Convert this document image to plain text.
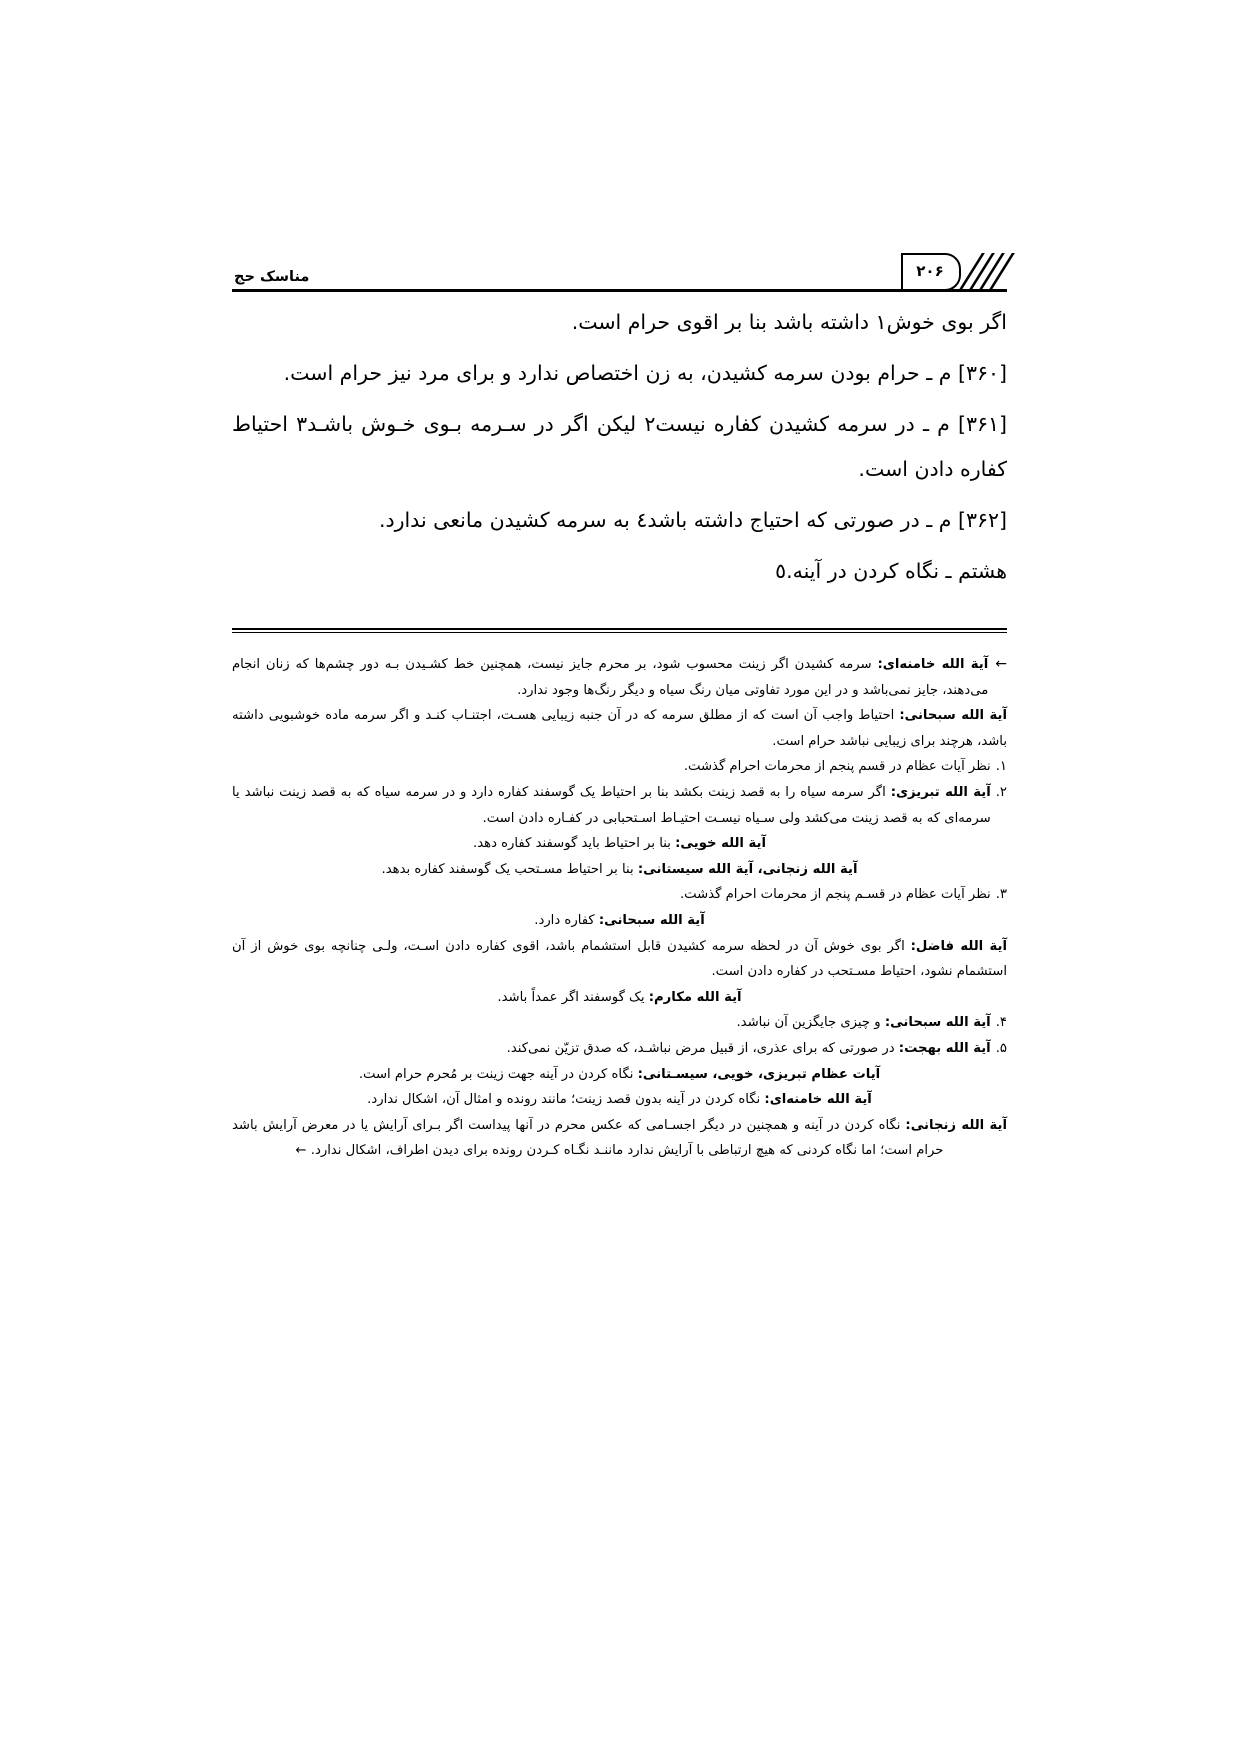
مناسک حج	۲۰۶

اگر بوی خوش١ داشته باشد بنا بر اقوی حرام است.

[۳۶۰] م ـ حرام بودن سرمه کشیدن، به زن اختصاص ندارد و برای مرد نیز حرام است.

[۳۶۱] م ـ در سرمه کشیدن کفاره نیست٢ لیکن اگر در سـرمه بـوی خـوش باشـد٣ احتیاط کفاره دادن است.

[۳۶۲] م ـ در صورتی که احتیاج داشته باشد٤ به سرمه کشیدن مانعی ندارد.

هشتم ـ نگاه کردن در آینه.٥

←
آیة الله خامنه‌ای: سرمه کشیدن اگر زینت محسوب شود، بر محرم جایز نیست، همچنین خط کشـیدن بـه دور چشم‌ها که زنان انجام می‌دهند، جایز نمی‌باشد و در این مورد تفاوتی میان رنگ سیاه و دیگر رنگ‌ها وجود ندارد.
آیة الله سبحانی: احتیاط واجب آن است که از مطلق سرمه که در آن جنبه زیبایی هسـت، اجتنـاب کنـد و اگر سرمه ماده خوشبویی داشته باشد، هرچند برای زیبایی نباشد حرام است.
۱.
نظر آیات عظام در قسم پنجم از محرمات احرام گذشت.
۲.
آیة الله تبریزی: اگر سرمه سیاه را به قصد زینت بکشد بنا بر احتیاط یک گوسفند کفاره دارد و در سرمه سیاه که به قصد زینت نباشد یا سرمه‌ای که به قصد زینت می‌کشد ولی سـیاه نیسـت احتیـاط اسـتحبابی در کفـاره دادن است.
آیة الله خویی: بنا بر احتیاط باید گوسفند کفاره دهد.
آیة الله زنجانی، آیة الله سیستانی: بنا بر احتیاط مسـتحب یک گوسفند کفاره بدهد.
۳.
نظر آیات عظام در قسـم پنجم از محرمات احرام گذشت.
آیة الله سبحانی: کفاره دارد.
آیة الله فاضل: اگر بوی خوش آن در لحظه سرمه کشیدن قابل استشمام باشد، اقوی کفاره دادن اسـت، ولـی چنانچه بوی خوش از آن استشمام نشود، احتیاط مسـتحب در کفاره دادن است.
آیة الله مکارم: یک گوسفند اگر عمداً باشد.
۴.
آیة الله سبحانی: و چیزی جایگزین آن نباشد.
۵.
آیة الله بهجت: در صورتی که برای عذری، از قبیل مرض نباشـد، که صدق تزیّن نمی‌کند.
آیات عظام تبریزی، خویی، سیسـتانی: نگاه کردن در آینه جهت زینت بر مُحرم حرام است.
آیة الله خامنه‌ای: نگاه کردن در آینه بدون قصد زینت؛ مانند رونده و امثال آن، اشکال ندارد.
آیة الله زنجانی: نگاه کردن در آینه و همچنین در دیگر اجسـامی که عکس محرم در آنها پیداست اگر بـرای آرایش یا در معرض آرایش باشد حرام است؛ اما نگاه کردنی که هیچ ارتباطی با آرایش ندارد ماننـد نگـاه کـردن رونده برای دیدن اطراف، اشکال ندارد. ←
